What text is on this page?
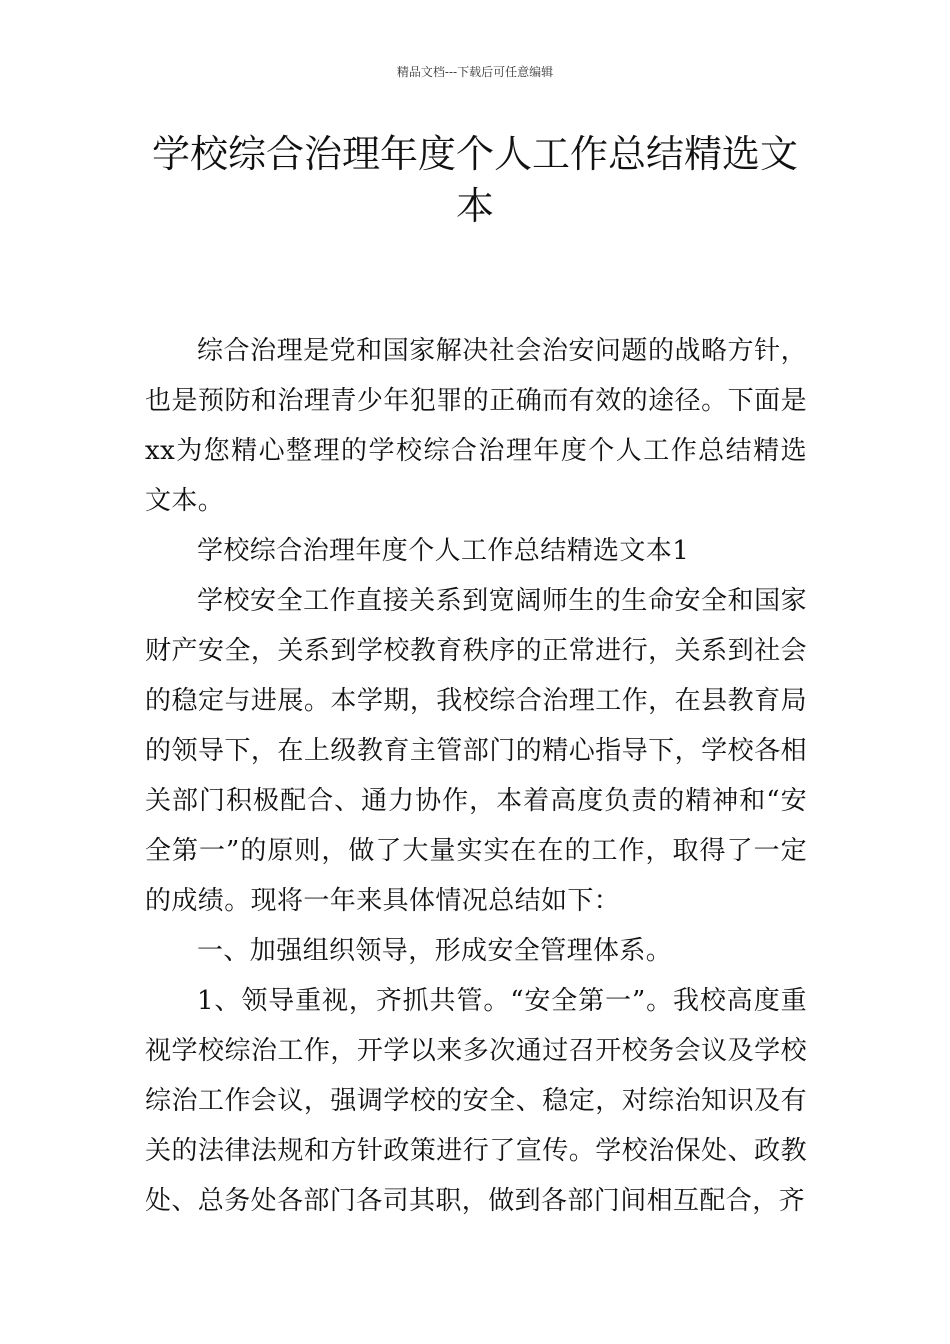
精品文档---下载后可任意编辑
学校综合治理年度个人工作总结精选文本

综合治理是党和国家解决社会治安问题的战略方针，也是预防和治理青少年犯罪的正确而有效的途径。下面是xx为您精心整理的学校综合治理年度个人工作总结精选文本。

学校综合治理年度个人工作总结精选文本1

学校安全工作直接关系到宽阔师生的生命安全和国家财产安全，关系到学校教育秩序的正常进行，关系到社会的稳定与进展。本学期，我校综合治理工作，在县教育局的领导下，在上级教育主管部门的精心指导下，学校各相关部门积极配合、通力协作，本着高度负责的精神和“安全第一”的原则，做了大量实实在在的工作，取得了一定的成绩。现将一年来具体情况总结如下：

一、加强组织领导，形成安全管理体系。

1、领导重视，齐抓共管。“安全第一”。我校高度重视学校综治工作，开学以来多次通过召开校务会议及学校综治工作会议，强调学校的安全、稳定，对综治知识及有关的法律法规和方针政策进行了宣传。学校治保处、政教处、总务处各部门各司其职，做到各部门间相互配合，齐
